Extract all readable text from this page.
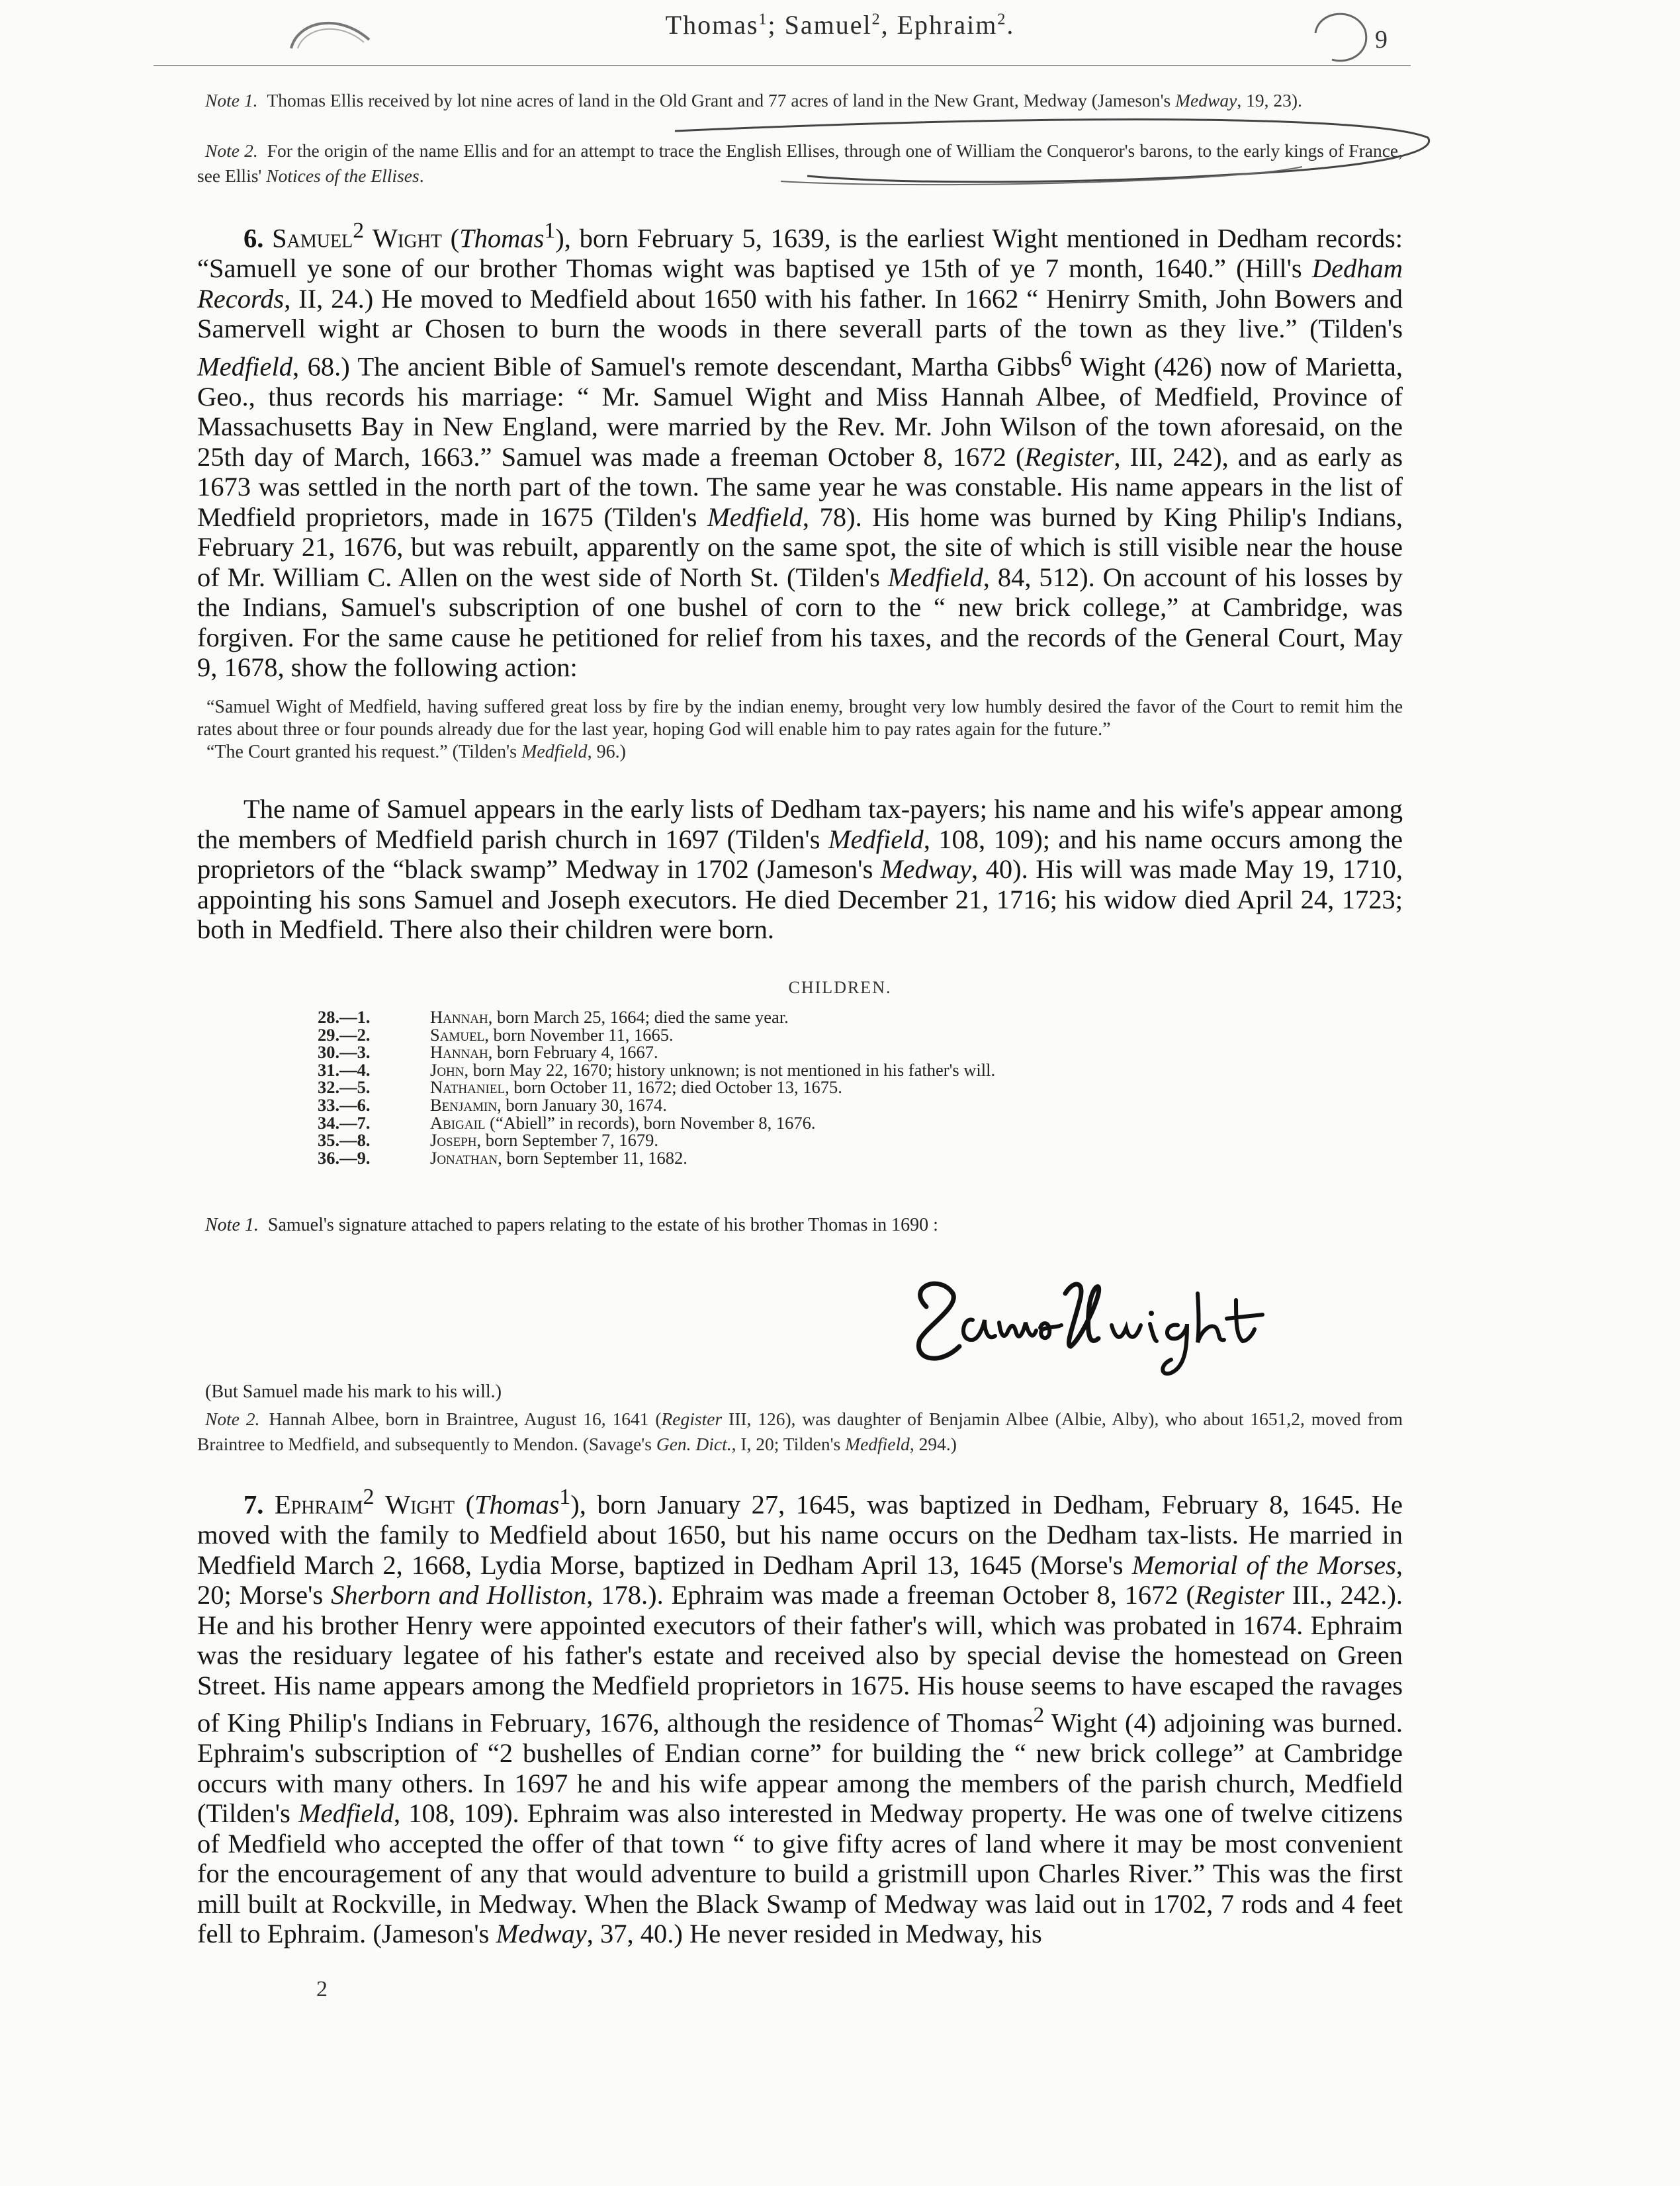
Thomas$^1$; Samuel$^2$, Ephraim$^2$.	9
Note 1. Thomas Ellis received by lot nine acres of land in the Old Grant and 77 acres of land in the New Grant, Medway (Jameson's Medway, 19, 23).
Note 2. For the origin of the name Ellis and for an attempt to trace the English Ellises, through one of William the Conqueror's barons, to the early kings of France, see Ellis' Notices of the Ellises.
6. Samuel$^2$ Wight (Thomas$^1$), born February 5, 1639, is the earliest Wight mentioned in Dedham records: “Samuell ye sone of our brother Thomas wight was baptised ye 15th of ye 7 month, 1640.” (Hill's Dedham Records, II, 24.) He moved to Medfield about 1650 with his father. In 1662 “ Henirry Smith, John Bowers and Samervell wight ar Chosen to burn the woods in there severall parts of the town as they live.” (Tilden's Medfield, 68.) The ancient Bible of Samuel's remote descendant, Martha Gibbs$^6$ Wight (426) now of Marietta, Geo., thus records his marriage: “ Mr. Samuel Wight and Miss Hannah Albee, of Medfield, Province of Massachusetts Bay in New England, were married by the Rev. Mr. John Wilson of the town aforesaid, on the 25th day of March, 1663.” Samuel was made a freeman October 8, 1672 (Register, III, 242), and as early as 1673 was settled in the north part of the town. The same year he was constable. His name appears in the list of Medfield proprietors, made in 1675 (Tilden's Medfield, 78). His home was burned by King Philip's Indians, February 21, 1676, but was rebuilt, apparently on the same spot, the site of which is still visible near the house of Mr. William C. Allen on the west side of North St. (Tilden's Medfield, 84, 512). On account of his losses by the Indians, Samuel's subscription of one bushel of corn to the “ new brick college,” at Cambridge, was forgiven. For the same cause he petitioned for relief from his taxes, and the records of the General Court, May 9, 1678, show the following action:
“Samuel Wight of Medfield, having suffered great loss by fire by the indian enemy, brought very low humbly desired the favor of the Court to remit him the rates about three or four pounds already due for the last year, hoping God will enable him to pay rates again for the future.”
“The Court granted his request.” (Tilden's Medfield, 96.)
The name of Samuel appears in the early lists of Dedham tax-payers; his name and his wife's appear among the members of Medfield parish church in 1697 (Tilden's Medfield, 108, 109); and his name occurs among the proprietors of the “black swamp” Medway in 1702 (Jameson's Medway, 40). His will was made May 19, 1710, appointing his sons Samuel and Joseph executors. He died December 21, 1716; his widow died April 24, 1723; both in Medfield. There also their children were born.
CHILDREN.
28.—1.	Hannah, born March 25, 1664; died the same year.
29.—2.	Samuel, born November 11, 1665.
30.—3.	Hannah, born February 4, 1667.
31.—4.	John, born May 22, 1670; history unknown; is not mentioned in his father's will.
32.—5.	Nathaniel, born October 11, 1672; died October 13, 1675.
33.—6.	Benjamin, born January 30, 1674.
34.—7.	Abigail (“Abiell” in records), born November 8, 1676.
35.—8.	Joseph, born September 7, 1679.
36.—9.	Jonathan, born September 11, 1682.
Note 1. Samuel's signature attached to papers relating to the estate of his brother Thomas in 1690 :
(But Samuel made his mark to his will.)
Note 2. Hannah Albee, born in Braintree, August 16, 1641 (Register III, 126), was daughter of Benjamin Albee (Albie, Alby), who about 1651,2, moved from Braintree to Medfield, and subsequently to Mendon. (Savage's Gen. Dict., I, 20; Tilden's Medfield, 294.)
7. Ephraim$^2$ Wight (Thomas$^1$), born January 27, 1645, was baptized in Dedham, February 8, 1645. He moved with the family to Medfield about 1650, but his name occurs on the Dedham tax-lists. He married in Medfield March 2, 1668, Lydia Morse, baptized in Dedham April 13, 1645 (Morse's Memorial of the Morses, 20; Morse's Sherborn and Holliston, 178.). Ephraim was made a freeman October 8, 1672 (Register III., 242.). He and his brother Henry were appointed executors of their father's will, which was probated in 1674. Ephraim was the residuary legatee of his father's estate and received also by special devise the homestead on Green Street. His name appears among the Medfield proprietors in 1675. His house seems to have escaped the ravages of King Philip's Indians in February, 1676, although the residence of Thomas$^2$ Wight (4) adjoining was burned. Ephraim's subscription of “2 bushelles of Endian corne” for building the “ new brick college” at Cambridge occurs with many others. In 1697 he and his wife appear among the members of the parish church, Medfield (Tilden's Medfield, 108, 109). Ephraim was also interested in Medway property. He was one of twelve citizens of Medfield who accepted the offer of that town “ to give fifty acres of land where it may be most convenient for the encouragement of any that would adventure to build a gristmill upon Charles River.” This was the first mill built at Rockville, in Medway. When the Black Swamp of Medway was laid out in 1702, 7 rods and 4 feet fell to Ephraim. (Jameson's Medway, 37, 40.) He never resided in Medway, his
2
